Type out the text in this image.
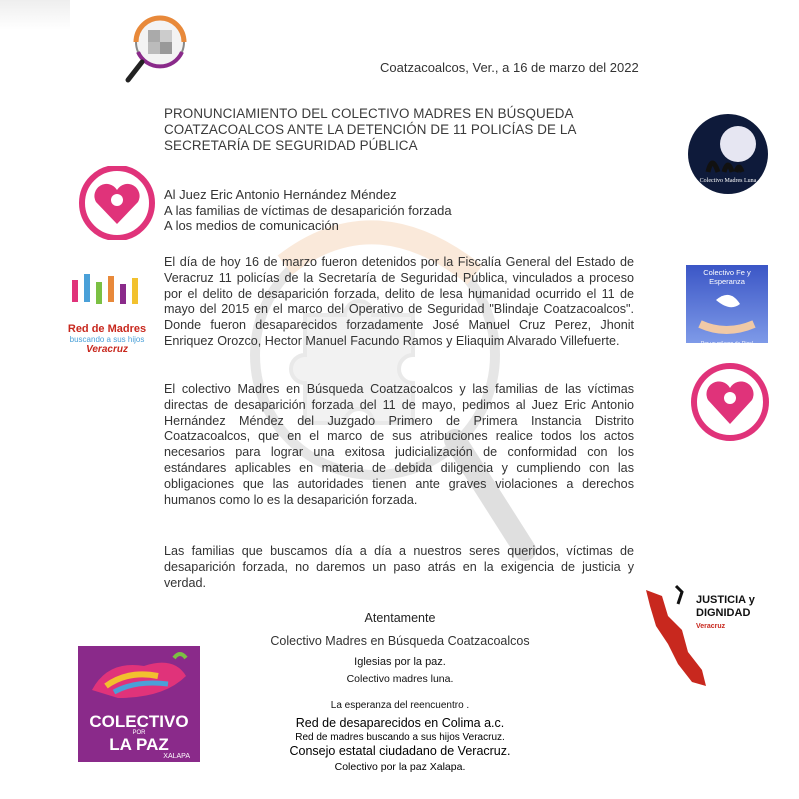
Red de Madres
buscando a sus hijos
Veracruz
Colectivo Madres Luna
Colectivo Fe y Esperanza
Por un milagro de Dios!
JUSTICIA y
DIGNIDAD
Veracruz
COLECTIVO
POR
LA PAZ
XALAPA
Coatzacoalcos, Ver., a 16 de marzo del 2022
PRONUNCIAMIENTO DEL COLECTIVO MADRES EN BÚSQUEDA
COATZACOALCOS ANTE LA DETENCIÓN DE 11 POLICÍAS DE LA
SECRETARÍA DE SEGURIDAD PÚBLICA
Al Juez Eric Antonio Hernández Méndez
A las familias de víctimas de desaparición forzada
A los medios de comunicación
El día de hoy 16 de marzo fueron detenidos por la Fiscalía General del Estado de Veracruz 11 policías de la Secretaría de Seguridad Pública, vinculados a proceso por el delito de desaparición forzada, delito de lesa humanidad ocurrido el 11 de mayo del 2015 en el marco del Operativo de Seguridad "Blindaje Coatzacoalcos". Donde fueron desaparecidos forzadamente José Manuel Cruz Perez, Jhonit Enriquez Orozco, Hector Manuel Facundo Ramos y Eliaquim Alvarado Villefuerte.
El colectivo Madres en Búsqueda Coatzacoalcos y las familias de las víctimas directas de desaparición forzada del 11 de mayo, pedimos al Juez Eric Antonio Hernández Méndez del Juzgado Primero de Primera Instancia Distrito Coatzacoalcos, que en el marco de sus atribuciones realice todos los actos necesarios para lograr una exitosa judicialización de conformidad con los estándares aplicables en materia de debida diligencia y cumpliendo con las obligaciones que las autoridades tienen ante graves violaciones a derechos humanos como lo es la desaparición forzada.
Las familias que buscamos día a día a nuestros seres queridos, víctimas de desaparición forzada, no daremos un paso atrás en la exigencia de justicia y verdad.
Atentamente
Colectivo Madres en Búsqueda Coatzacoalcos
Iglesias por la paz.
Colectivo madres luna.
La esperanza del reencuentro .
Red de desaparecidos en Colima a.c.
Red de madres buscando a sus hijos Veracruz.
Consejo estatal ciudadano de Veracruz.
Colectivo por la paz Xalapa.
